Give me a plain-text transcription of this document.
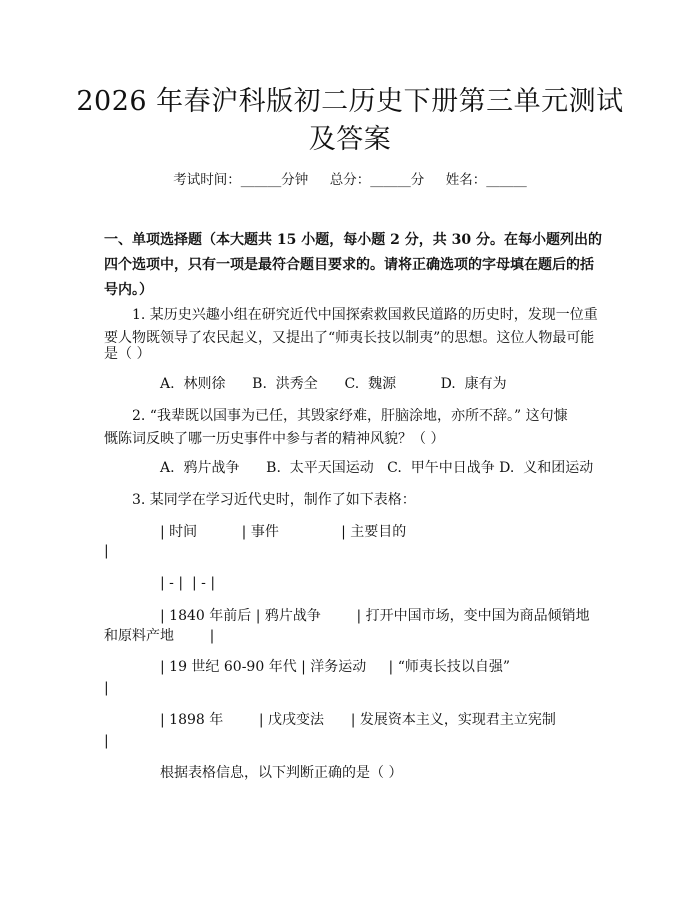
2026 年春沪科版初二历史下册第三单元测试
及答案
考试时间：______分钟     总分：______分     姓名：______
一、单项选择题（本大题共 15 小题，每小题 2 分，共 30 分。在每小题列出的四个选项中，只有一项是最符合题目要求的。请将正确选项的字母填在题后的括号内。）
1. 某历史兴趣小组在研究近代中国探索救国救民道路的历史时，发现一位重
要人物既领导了农民起义，又提出了“师夷长技以制夷”的思想。这位人物最可能
是（ ）
A.  林则徐      B.  洪秀全      C.  魏源          D.  康有为
2. “我辈既以国事为已任，其毁家纾难，肝脑涂地，亦所不辞。” 这句慷
慨陈词反映了哪一历史事件中参与者的精神风貌？（ ）
A.  鸦片战争      B.  太平天国运动   C.  甲午中日战争 D.  义和团运动
3. 某同学在学习近代史时，制作了如下表格：
| 时间          | 事件              | 主要目的
|
| - |  | - |
| 1840 年前后 | 鸦片战争        | 打开中国市场，变中国为商品倾销地
和原料产地        |
| 19 世纪 60-90 年代 | 洋务运动     | “师夷长技以自强”
|
| 1898 年        | 戊戌变法      | 发展资本主义，实现君主立宪制
|
根据表格信息，以下判断正确的是（ ）
